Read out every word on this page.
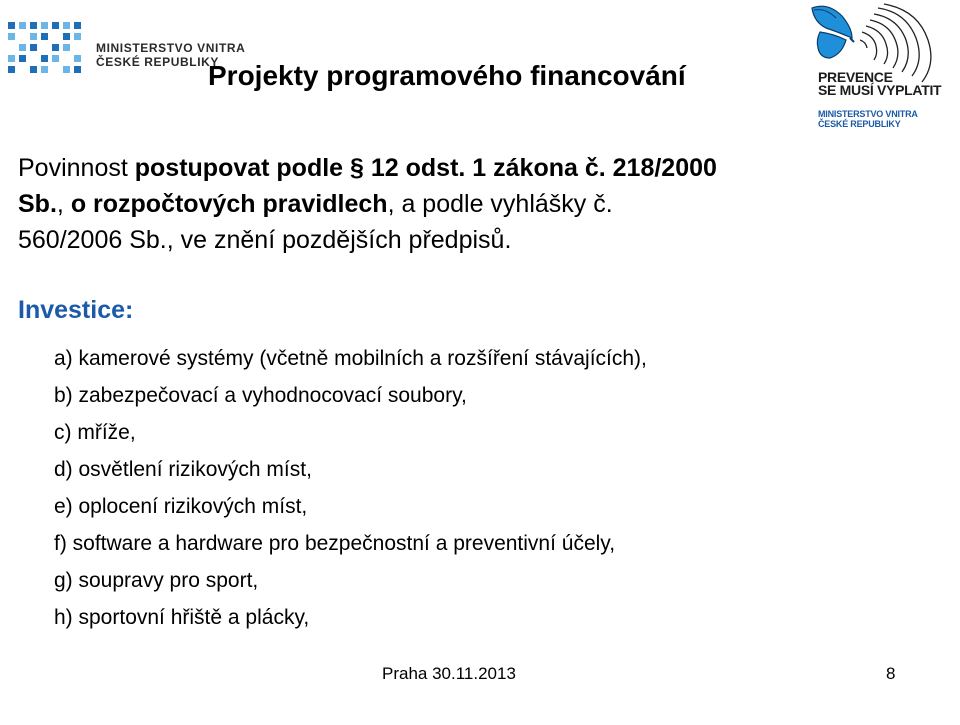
MINISTERSTVO VNITRA
ČESKÉ REPUBLIKY
Projekty programového financování	PREVENCE
SE MUSÍ VYPLATIT
MINISTERSTVO VNITRA
ČESKÉ REPUBLIKY
Povinnost postupovat podle § 12 odst. 1 zákona č. 218/2000 Sb., o rozpočtových pravidlech, a podle vyhlášky č. 560/2006 Sb., ve znění pozdějších předpisů.
Investice:
a) kamerové systémy (včetně mobilních a rozšíření stávajících),
b) zabezpečovací a vyhodnocovací soubory,
c) mříže,
d) osvětlení rizikových míst,
e) oplocení rizikových míst,
f) software a hardware pro bezpečnostní a preventivní účely,
g) soupravy pro sport,
h) sportovní hřiště a plácky,
Praha 30.11.2013	8
